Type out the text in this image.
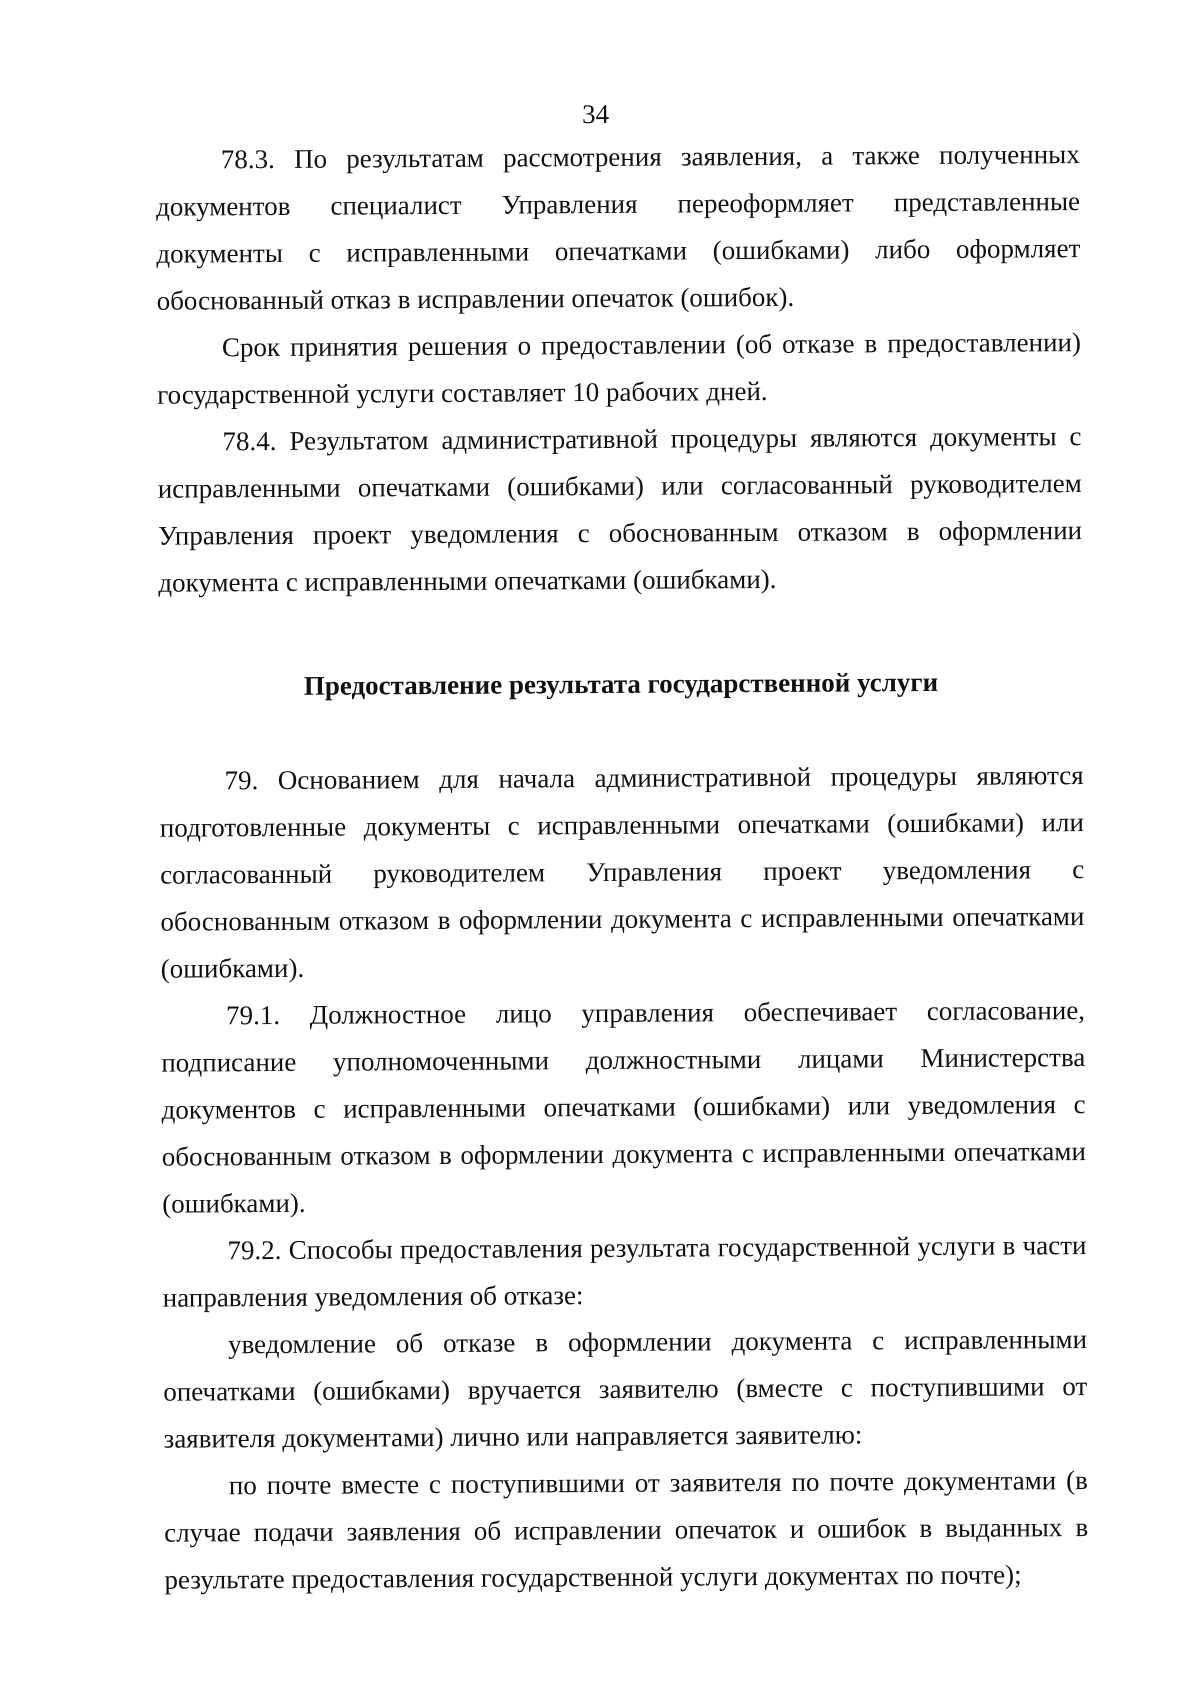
34

78.3. По результатам рассмотрения заявления, а также полученных документов специалист Управления переоформляет представленные документы с исправленными опечатками (ошибками) либо оформляет обоснованный отказ в исправлении опечаток (ошибок).

Срок принятия решения о предоставлении (об отказе в предоставлении) государственной услуги составляет 10 рабочих дней.

78.4. Результатом административной процедуры являются документы с исправленными опечатками (ошибками) или согласованный руководителем Управления проект уведомления с обоснованным отказом в оформлении документа с исправленными опечатками (ошибками).

Предоставление результата государственной услуги

79. Основанием для начала административной процедуры являются подготовленные документы с исправленными опечатками (ошибками) или согласованный руководителем Управления проект уведомления с обоснованным отказом в оформлении документа с исправленными опечатками (ошибками).

79.1. Должностное лицо управления обеспечивает согласование, подписание уполномоченными должностными лицами Министерства документов с исправленными опечатками (ошибками) или уведомления с обоснованным отказом в оформлении документа с исправленными опечатками (ошибками).

79.2. Способы предоставления результата государственной услуги в части направления уведомления об отказе:

уведомление об отказе в оформлении документа с исправленными опечатками (ошибками) вручается заявителю (вместе с поступившими от заявителя документами) лично или направляется заявителю:

по почте вместе с поступившими от заявителя по почте документами (в случае подачи заявления об исправлении опечаток и ошибок в выданных в результате предоставления государственной услуги документах по почте);
